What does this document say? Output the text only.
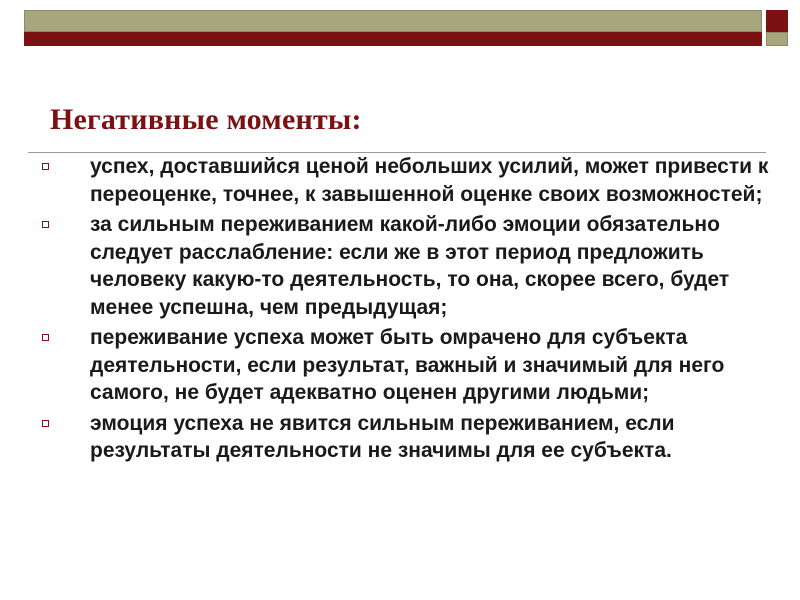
Негативные моменты:
успех, доставшийся ценой небольших усилий, может привести к переоценке, точнее, к завышенной оценке своих возможностей;
за сильным переживанием какой-либо эмоции обязательно следует расслабление: если же в этот период предложить человеку какую-то деятельность, то она, скорее всего, будет менее успешна, чем предыдущая;
переживание успеха может быть омрачено для субъекта деятельности, если результат, важный и значимый для него самого, не будет адекватно оценен другими людьми;
эмоция успеха не явится сильным переживанием, если результаты деятельности не значимы для ее субъекта.
